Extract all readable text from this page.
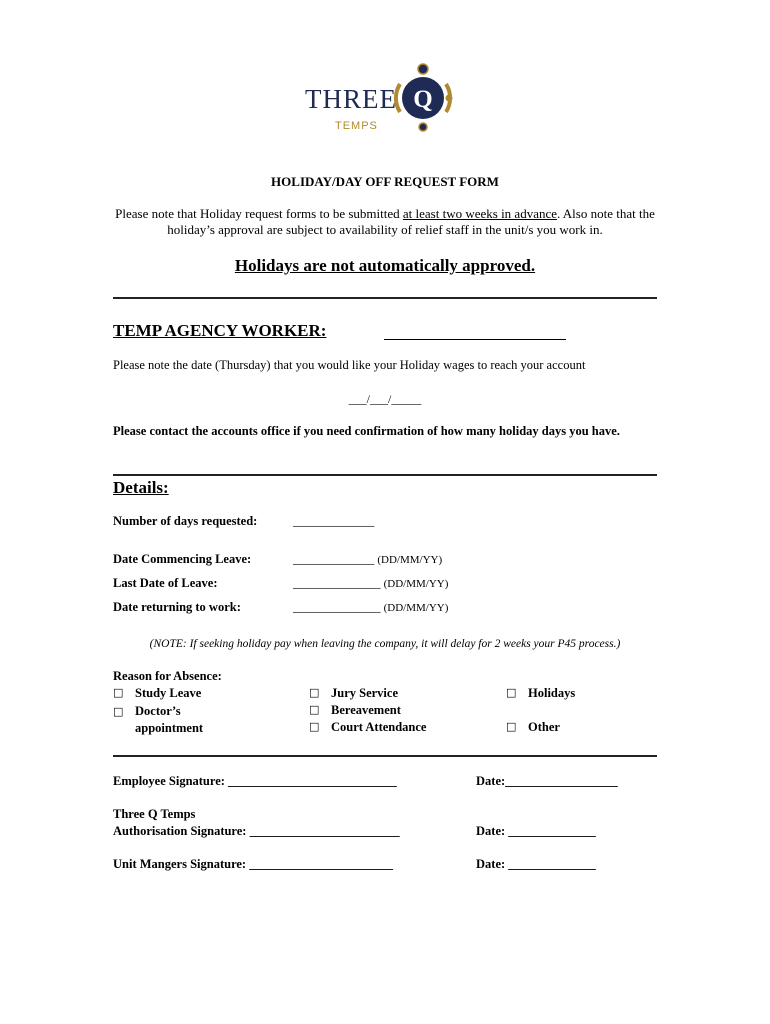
THREE
TEMPS
Q
HOLIDAY/DAY OFF REQUEST FORM
Please note that Holiday request forms to be submitted at least two weeks in advance. Also note that the holiday’s approval are subject to availability of relief staff in the unit/s you work in.
Holidays are not automatically approved.
TEMP AGENCY WORKER:
Please note the date (Thursday) that you would like your Holiday wages to reach your account
___/___/_____
Please contact the accounts office if you need confirmation of how many holiday days you have.
Details:
Number of days requested:	_____________
Date Commencing Leave:	_____________ (DD/MM/YY)
Last Date of Leave:	______________ (DD/MM/YY)
Date returning to work:	______________ (DD/MM/YY)
(NOTE: If seeking holiday pay when leaving the company, it will delay for 2 weeks your P45 process.)
Reason for Absence:
□ Study Leave
□ Doctor’s
appointment
□ Jury Service
□ Bereavement
□ Court Attendance
□ Holidays
□ Other
Employee Signature: ___________________________	Date:__________________
Three Q Temps
Authorisation Signature: ________________________	Date: ______________
Unit Mangers Signature: _______________________	Date: ______________
